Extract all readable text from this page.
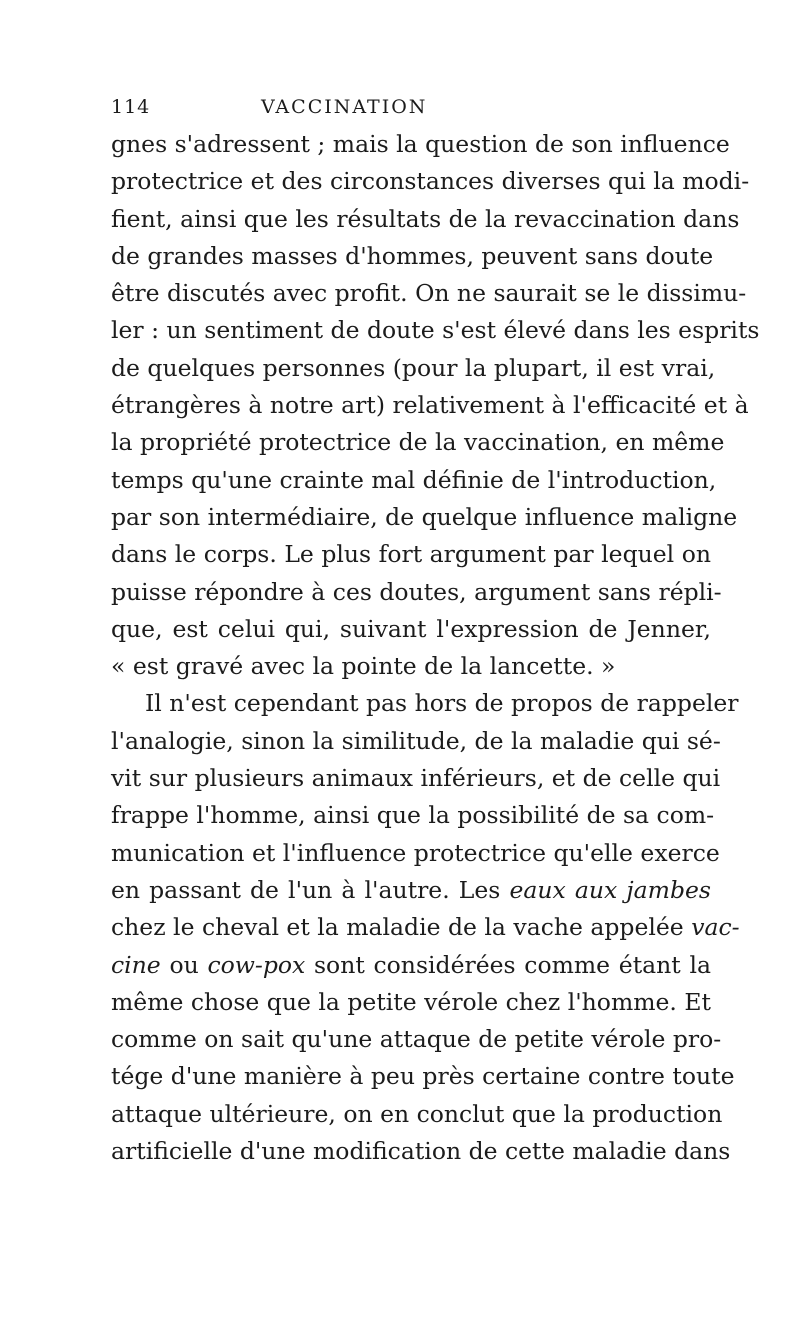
114	VACCINATION
gnes s'adressent ; mais la question de son influence
protectrice et des circonstances diverses qui la modi-
fient, ainsi que les résultats de la revaccination dans
de grandes masses d'hommes, peuvent sans doute
être discutés avec profit. On ne saurait se le dissimu-
ler : un sentiment de doute s'est élevé dans les esprits
de quelques personnes (pour la plupart, il est vrai,
étrangères à notre art) relativement à l'efficacité et à
la propriété protectrice de la vaccination, en même
temps qu'une crainte mal définie de l'introduction,
par son intermédiaire, de quelque influence maligne
dans le corps. Le plus fort argument par lequel on
puisse répondre à ces doutes, argument sans répli-
que, est celui qui, suivant l'expression de Jenner,
« est gravé avec la pointe de la lancette. »
Il n'est cependant pas hors de propos de rappeler
l'analogie, sinon la similitude, de la maladie qui sé-
vit sur plusieurs animaux inférieurs, et de celle qui
frappe l'homme, ainsi que la possibilité de sa com-
munication et l'influence protectrice qu'elle exerce
en passant de l'un à l'autre. Les eaux aux jambes
chez le cheval et la maladie de la vache appelée vac-
cine ou cow-pox sont considérées comme étant la
même chose que la petite vérole chez l'homme. Et
comme on sait qu'une attaque de petite vérole pro-
tége d'une manière à peu près certaine contre toute
attaque ultérieure, on en conclut que la production
artificielle d'une modification de cette maladie dans
